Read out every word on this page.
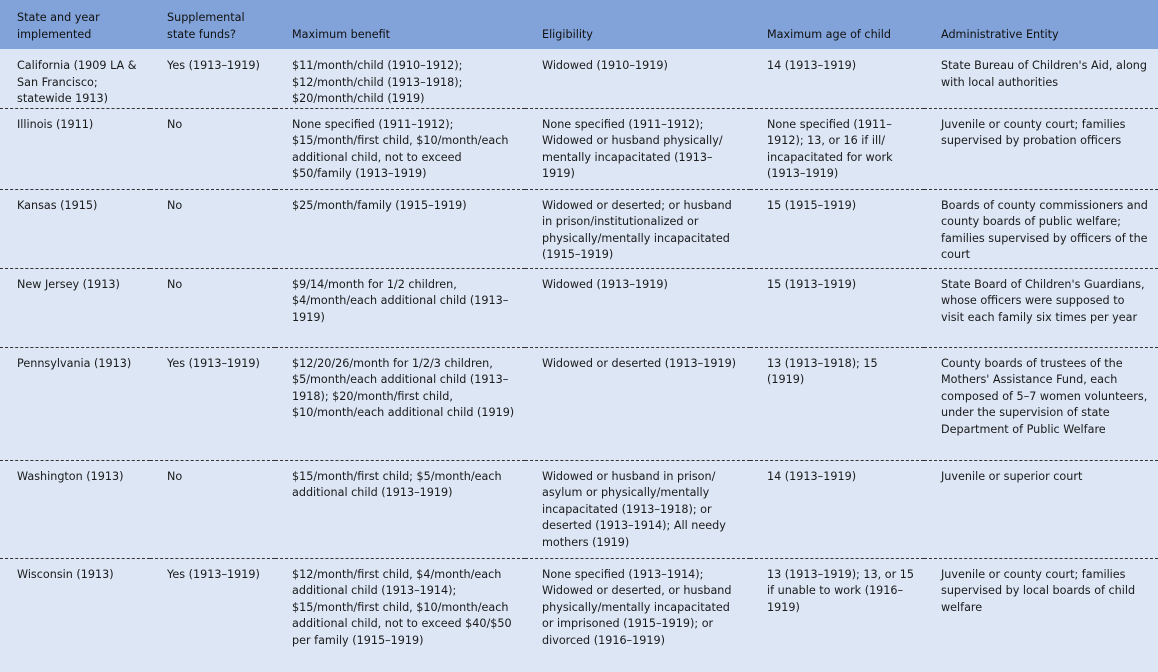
State and year implemented	Supplemental state funds?	Maximum benefit	Eligibility	Maximum age of child	Administrative Entity
California (1909 LA & San Francisco; statewide 1913)	Yes (1913–1919)	$11/month/child (1910–1912); $12/month/child (1913–1918); $20/month/child (1919)	Widowed (1910–1919)	14 (1913–1919)	State Bureau of Children's Aid, along with local authorities
Illinois (1911)	No	None specified (1911–1912); $15/month/first child, $10/month/each additional child, not to exceed $50/family (1913–1919)	None specified (1911–1912); Widowed or husband physically/ mentally incapacitated (1913–1919)	None specified (1911–1912); 13, or 16 if ill/ incapacitated for work (1913–1919)	Juvenile or county court; families supervised by probation officers
Kansas (1915)	No	$25/month/family (1915–1919)	Widowed or deserted; or husband in prison/institutionalized or physically/mentally incapacitated (1915–1919)	15 (1915–1919)	Boards of county commissioners and county boards of public welfare; families supervised by officers of the court
New Jersey (1913)	No	$9/14/month for 1/2 children, $4/month/each additional child (1913–1919)	Widowed (1913–1919)	15 (1913–1919)	State Board of Children's Guardians, whose officers were supposed to visit each family six times per year
Pennsylvania (1913)	Yes (1913–1919)	$12/20/26/month for 1/2/3 children, $5/month/each additional child (1913–1918); $20/month/first child, $10/month/each additional child (1919)	Widowed or deserted (1913–1919)	13 (1913–1918); 15 (1919)	County boards of trustees of the Mothers' Assistance Fund, each composed of 5–7 women volunteers, under the supervision of state Department of Public Welfare
Washington (1913)	No	$15/month/first child; $5/month/each additional child (1913–1919)	Widowed or husband in prison/ asylum or physically/mentally incapacitated (1913–1918); or deserted (1913–1914); All needy mothers (1919)	14 (1913–1919)	Juvenile or superior court
Wisconsin (1913)	Yes (1913–1919)	$12/month/first child, $4/month/each additional child (1913–1914); $15/month/first child, $10/month/each additional child, not to exceed $40/$50 per family (1915–1919)	None specified (1913–1914); Widowed or deserted, or husband physically/mentally incapacitated or imprisoned (1915–1919); or divorced (1916–1919)	13 (1913–1919); 13, or 15 if unable to work (1916–1919)	Juvenile or county court; families supervised by local boards of child welfare
